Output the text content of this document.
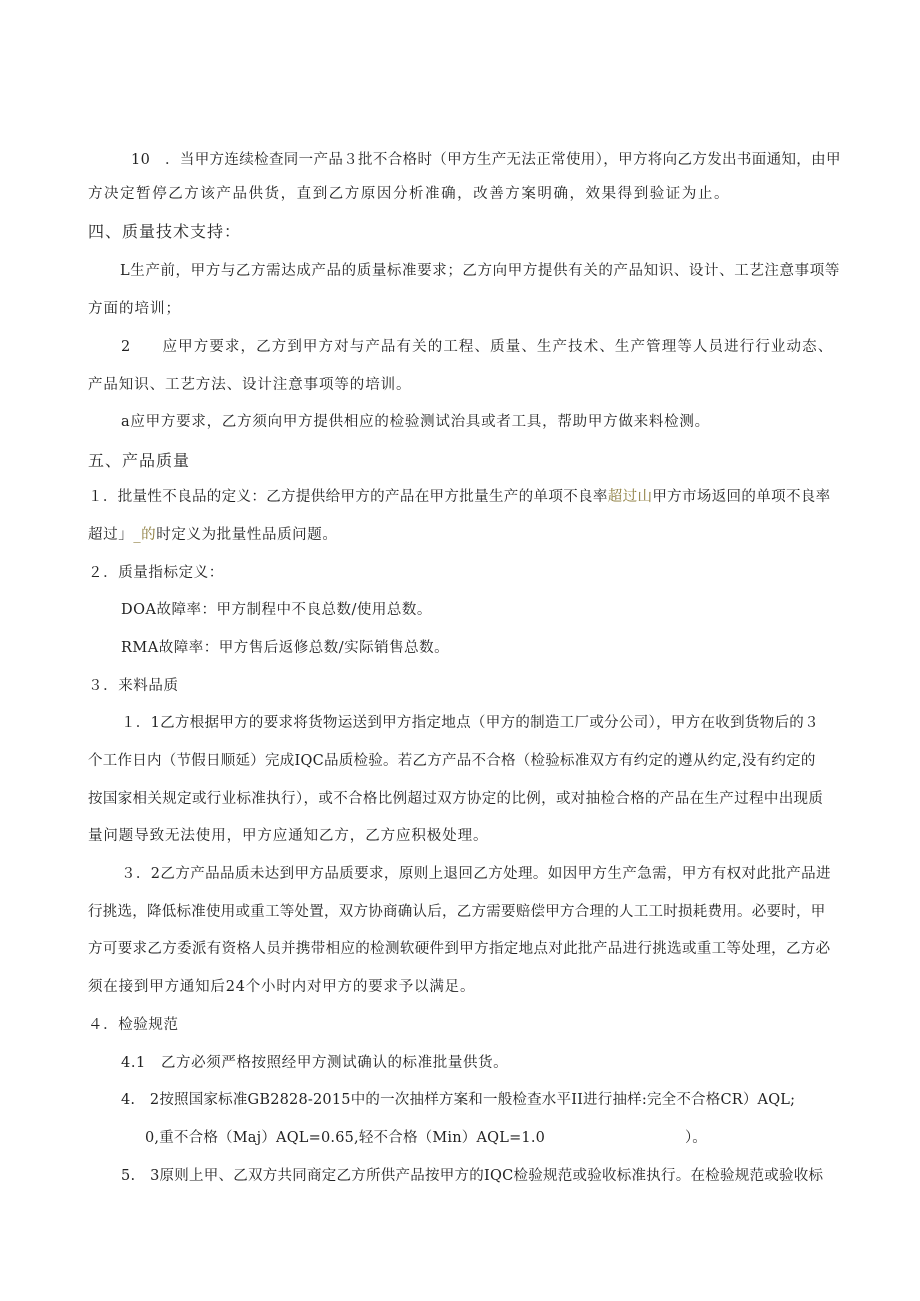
10　．当甲方连续检查同一产品３批不合格时（甲方生产无法正常使用），甲方将向乙方发出书面通知，由甲
方决定暂停乙方该产品供货，直到乙方原因分析准确，改善方案明确，效果得到验证为止。
四、质量技术支持：
L生产前，甲方与乙方需达成产品的质量标准要求；乙方向甲方提供有关的产品知识、设计、工艺注意事项等
方面的培训；
2　　应甲方要求，乙方到甲方对与产品有关的工程、质量、生产技术、生产管理等人员进行行业动态、
产品知识、工艺方法、设计注意事项等的培训。
a应甲方要求，乙方须向甲方提供相应的检验测试治具或者工具，帮助甲方做来料检测。
五、产品质量
１．批量性不良品的定义：乙方提供给甲方的产品在甲方批量生产的单项不良率超过山甲方市场返回的单项不良率
超过」_的时定义为批量性品质问题。
２．质量指标定义：
DOA故障率：甲方制程中不良总数/使用总数。
RMA故障率：甲方售后返修总数/实际销售总数。
３．来料品质
１．1乙方根据甲方的要求将货物运送到甲方指定地点（甲方的制造工厂或分公司），甲方在收到货物后的３
个工作日内（节假日顺延）完成IQC品质检验。若乙方产品不合格（检验标准双方有约定的遵从约定,没有约定的
按国家相关规定或行业标准执行），或不合格比例超过双方协定的比例，或对抽检合格的产品在生产过程中出现质
量问题导致无法使用，甲方应通知乙方，乙方应积极处理。
３．2乙方产品品质未达到甲方品质要求，原则上退回乙方处理。如因甲方生产急需，甲方有权对此批产品进
行挑选，降低标准使用或重工等处置，双方协商确认后，乙方需要赔偿甲方合理的人工工时损耗费用。必要时，甲
方可要求乙方委派有资格人员并携带相应的检测软硬件到甲方指定地点对此批产品进行挑选或重工等处理，乙方必
须在接到甲方通知后24个小时内对甲方的要求予以满足。
４．检验规范
4.1　乙方必须严格按照经甲方测试确认的标准批量供货。
4.　2按照国家标准GB2828-2015中的一次抽样方案和一般检查水平II进行抽样:完全不合格CR）AQL;
0,重不合格（Maj）AQL=0.65,轻不合格（Min）AQL=1.0	）。
5.　3原则上甲、乙双方共同商定乙方所供产品按甲方的IQC检验规范或验收标准执行。在检验规范或验收标
